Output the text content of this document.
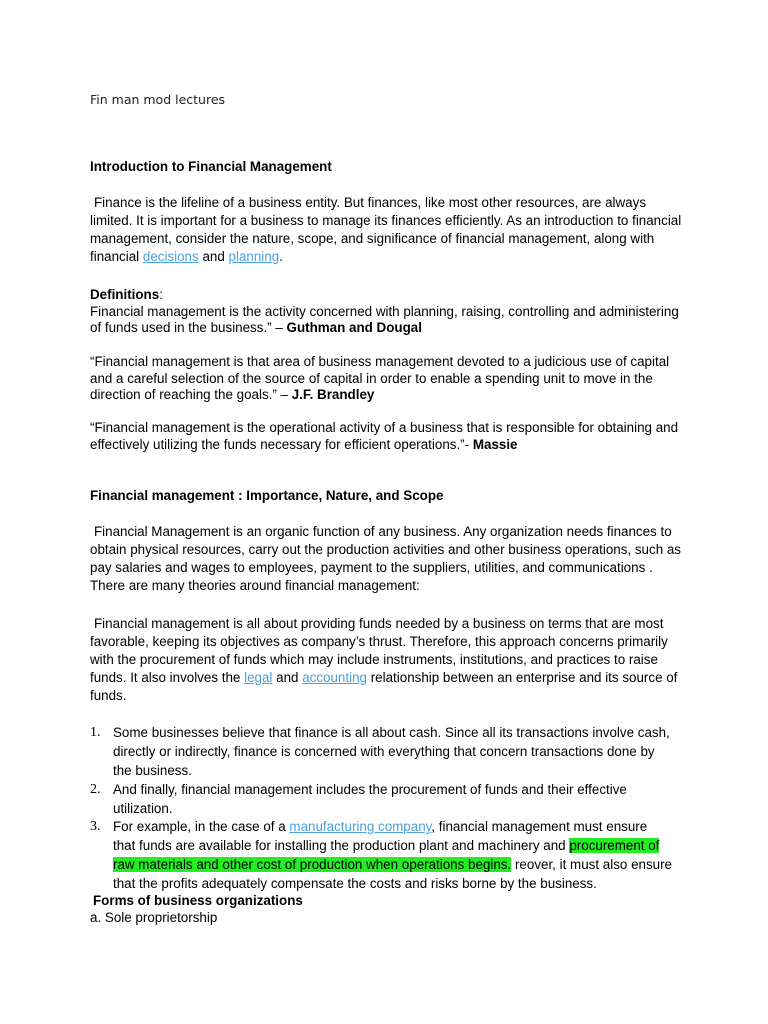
Fin man mod lectures
Introduction to Financial Management
Finance is the lifeline of a business entity. But finances, like most other resources, are always limited. It is important for a business to manage its finances efficiently. As an introduction to financial management, consider the nature, scope, and significance of financial management, along with financial decisions and planning.
Definitions:
Financial management is the activity concerned with planning, raising, controlling and administering of funds used in the business.” – Guthman and Dougal
“Financial management is that area of business management devoted to a judicious use of capital and a careful selection of the source of capital in order to enable a spending unit to move in the direction of reaching the goals.” – J.F. Brandley
“Financial management is the operational activity of a business that is responsible for obtaining and effectively utilizing the funds necessary for efficient operations.”- Massie
Financial management : Importance, Nature, and Scope
Financial Management is an organic function of any business. Any organization needs finances to obtain physical resources, carry out the production activities and other business operations, such as pay salaries and wages to employees, payment to the suppliers, utilities, and communications . There are many theories around financial management:
Financial management is all about providing funds needed by a business on terms that are most favorable, keeping its objectives as company’s thrust. Therefore, this approach concerns primarily with the procurement of funds which may include instruments, institutions, and practices to raise funds. It also involves the legal and accounting relationship between an enterprise and its source of funds.
1. Some businesses believe that finance is all about cash. Since all its transactions involve cash, directly or indirectly, finance is concerned with everything that concern transactions done by the business.
2. And finally, financial management includes the procurement of funds and their effective utilization.
3. For example, in the case of a manufacturing company, financial management must ensure that funds are available for installing the production plant and machinery and procurement of raw materials and other cost of production when operations begins. reover, it must also ensure that the profits adequately compensate the costs and risks borne by the business.
Forms of business organizations
a. Sole proprietorship
